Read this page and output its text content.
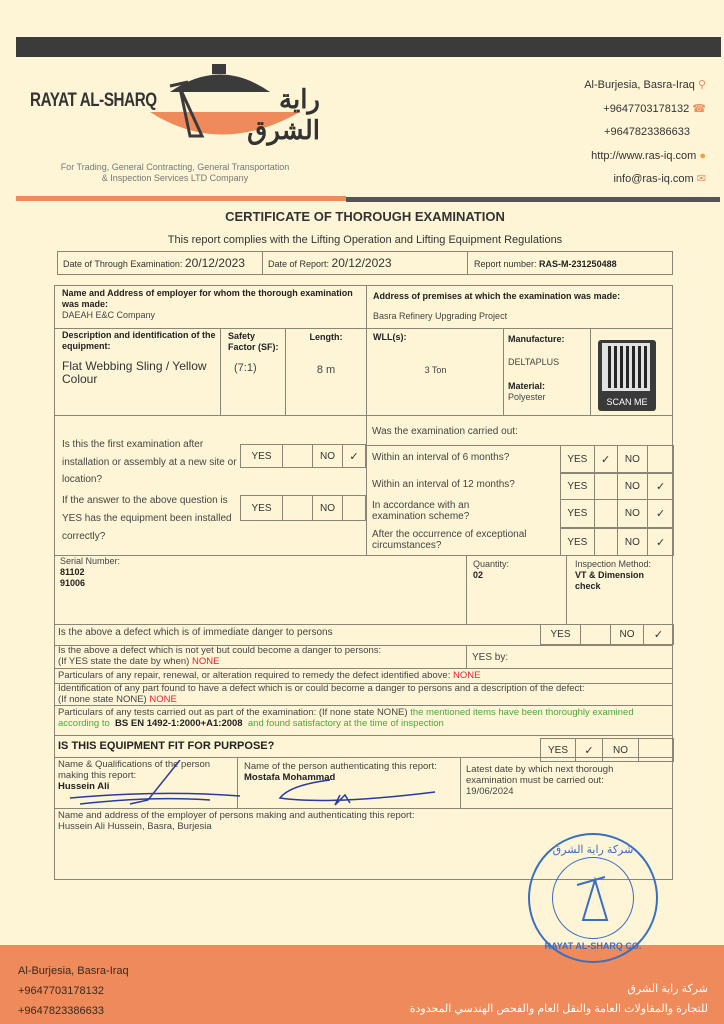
RAYAT AL-SHARQ	راية الشرق
For Trading, General Contracting, General Transportation
& Inspection Services LTD Company
Al-Burjesia, Basra-Iraq ⚲
+9647703178132 ☎
+9647823386633
http://www.ras-iq.com ●
info@ras-iq.com ✉
CERTIFICATE OF THOROUGH EXAMINATION
This report complies with the Lifting Operation and Lifting Equipment Regulations
Date of Through Examination: 20/12/2023	Date of Report: 20/12/2023	Report number: RAS-M-231250488
Name and Address of employer for whom the thorough examination was made:
DAEAH E&C Company
Address of premises at which the examination was made:
Basra Refinery Upgrading Project
Description and identification of the equipment:
Flat Webbing Sling / Yellow Colour
Safety Factor (SF):
(7:1)
Length:
8 m
WLL(s):
3 Ton
Manufacture:
DELTAPLUS
Material:
Polyester	SCAN ME
Is this the first examination after installation or assembly at a new site or location?
YES	NO	✓
If the answer to the above question is YES has the equipment been installed correctly?
YES	NO
Was the examination carried out:
Within an interval of 6 months?	YES	✓	NO
Within an interval of 12 months?	YES	NO	✓
In accordance with an examination scheme?	YES	NO	✓
After the occurrence of exceptional circumstances?	YES	NO	✓
Serial Number:
81102
91006
Quantity:
02
Inspection Method:
VT & Dimension check
Is the above a defect which is of immediate danger to persons	YES	NO	✓
Is the above a defect which is not yet but could become a danger to persons:
(If YES state the date by when) NONE	YES by:
Particulars of any repair, renewal, or alteration required to remedy the defect identified above: NONE
Identification of any part found to have a defect which is or could become a danger to persons and a description of the defect:
(If none state NONE) NONE
Particulars of any tests carried out as part of the examination: (If none state NONE) the mentioned items have been thoroughly examined according to BS EN 1492-1:2000+A1:2008 and found satisfactory at the time of inspection
IS THIS EQUIPMENT FIT FOR PURPOSE?	YES	✓	NO
Name & Qualifications of the person making this report:
Hussein Ali
Name of the person authenticating this report: Mostafa Mohammad
Latest date by which next thorough examination must be carried out:
19/06/2024
Name and address of the employer of persons making and authenticating this report:
Hussein Ali Hussein, Basra, Burjesia
Al-Burjesia, Basra-Iraq
+9647703178132
+9647823386633
شركة راية الشرق
للتجارة والمقاولات العامة والنقل العام والفحص الهندسي المحدودة
شركة راية الشرق
RAYAT AL-SHARQ CO.
